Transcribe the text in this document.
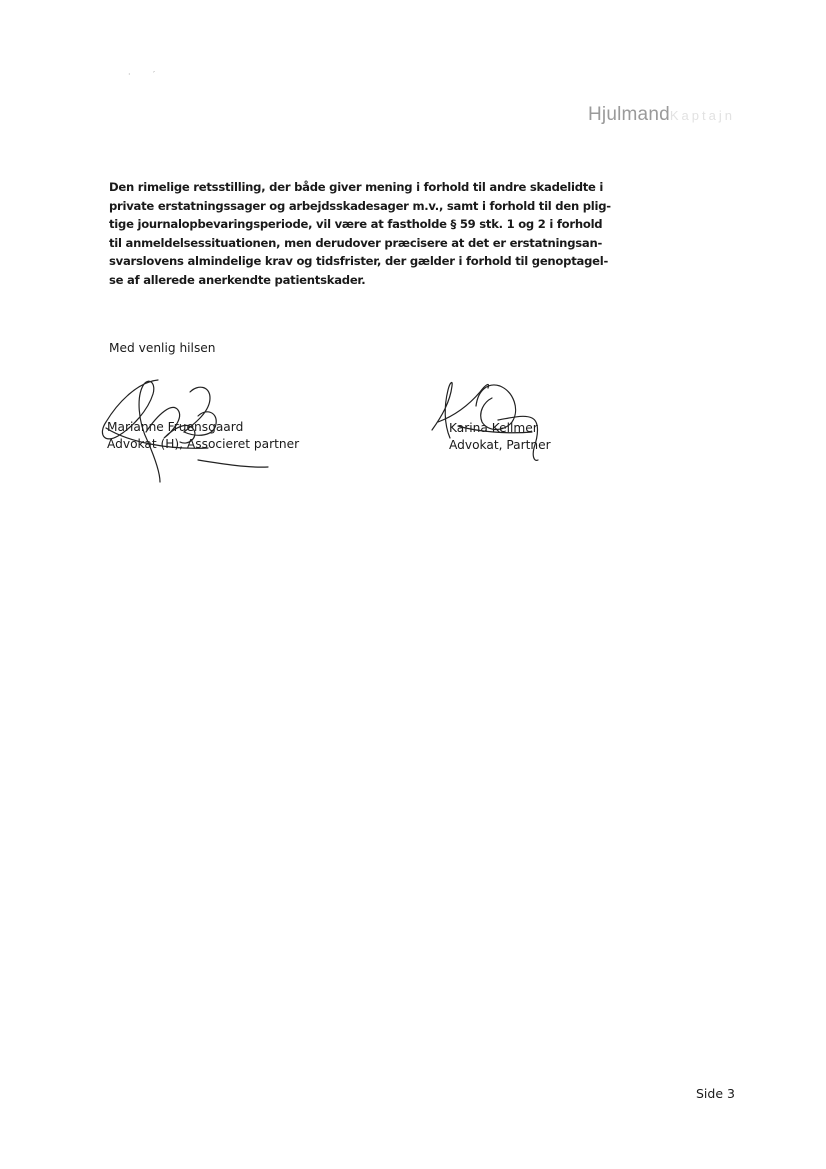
· ′
HjulmandKaptajn
Den rimelige retsstilling, der både giver mening i forhold til andre skadelidte i
private erstatningssager og arbejdsskadesager m.v., samt i forhold til den plig-
tige journalopbevaringsperiode, vil være at fastholde § 59 stk. 1 og 2 i forhold
til anmeldelsessituationen, men derudover præcisere at det er erstatningsan-
svarslovens almindelige krav og tidsfrister, der gælder i forhold til genoptagel-
se af allerede anerkendte patientskader.
Med venlig hilsen
Marianne Fruensgaard
Advokat (H), Associeret partner
Karina Kellmer
Advokat, Partner
Side 3
